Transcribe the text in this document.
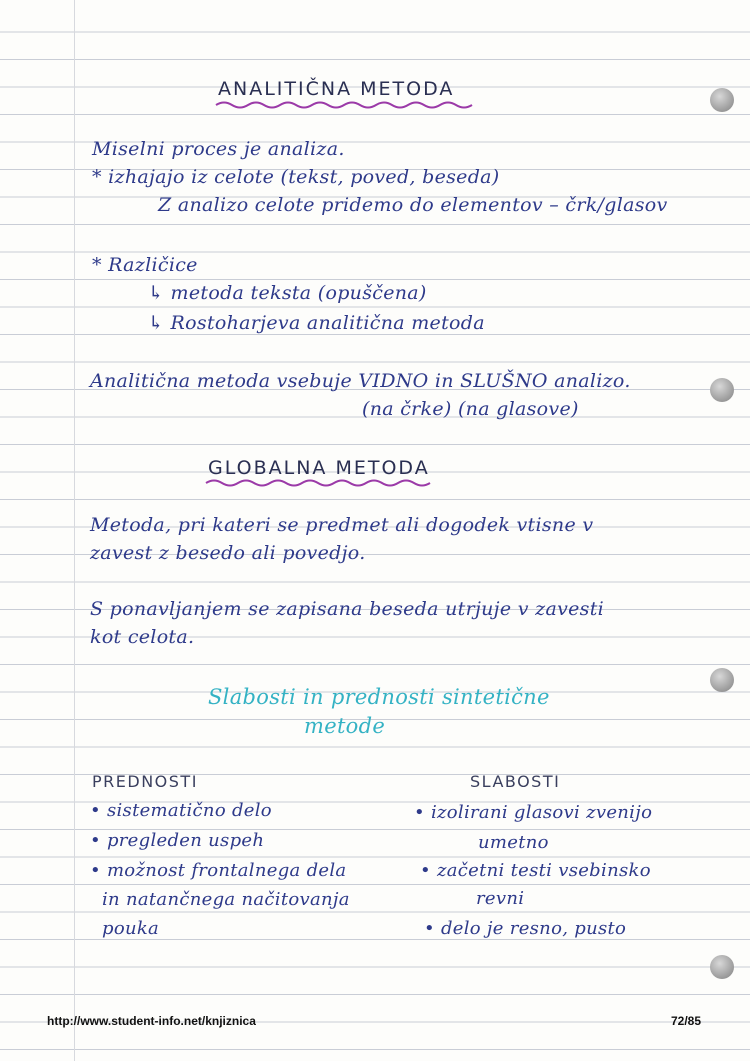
ANALITIČNA METODA
Miselni proces je analiza.
* izhajajo iz celote (tekst, poved, beseda)
Z analizo celote pridemo do elementov – črk/glasov
* Različice
↳ metoda teksta (opuščena)
↳ Rostoharjeva analitična metoda
Analitična metoda vsebuje VIDNO in SLUŠNO analizo.
(na črke) (na glasove)
GLOBALNA METODA
Metoda, pri kateri se predmet ali dogodek vtisne v
zavest z besedo ali povedjo.
S ponavljanjem se zapisana beseda utrjuje v zavesti
kot celota.
Slabosti in prednosti sintetične
metode
PREDNOSTI
• sistematično delo
• pregleden uspeh
• možnost frontalnega dela
in natančnega načitovanja
pouka
SLABOSTI
• izolirani glasovi zvenijo
umetno
• začetni testi vsebinsko
revni
• delo je resno, pusto
http://www.student-info.net/knjiznica	72/85
